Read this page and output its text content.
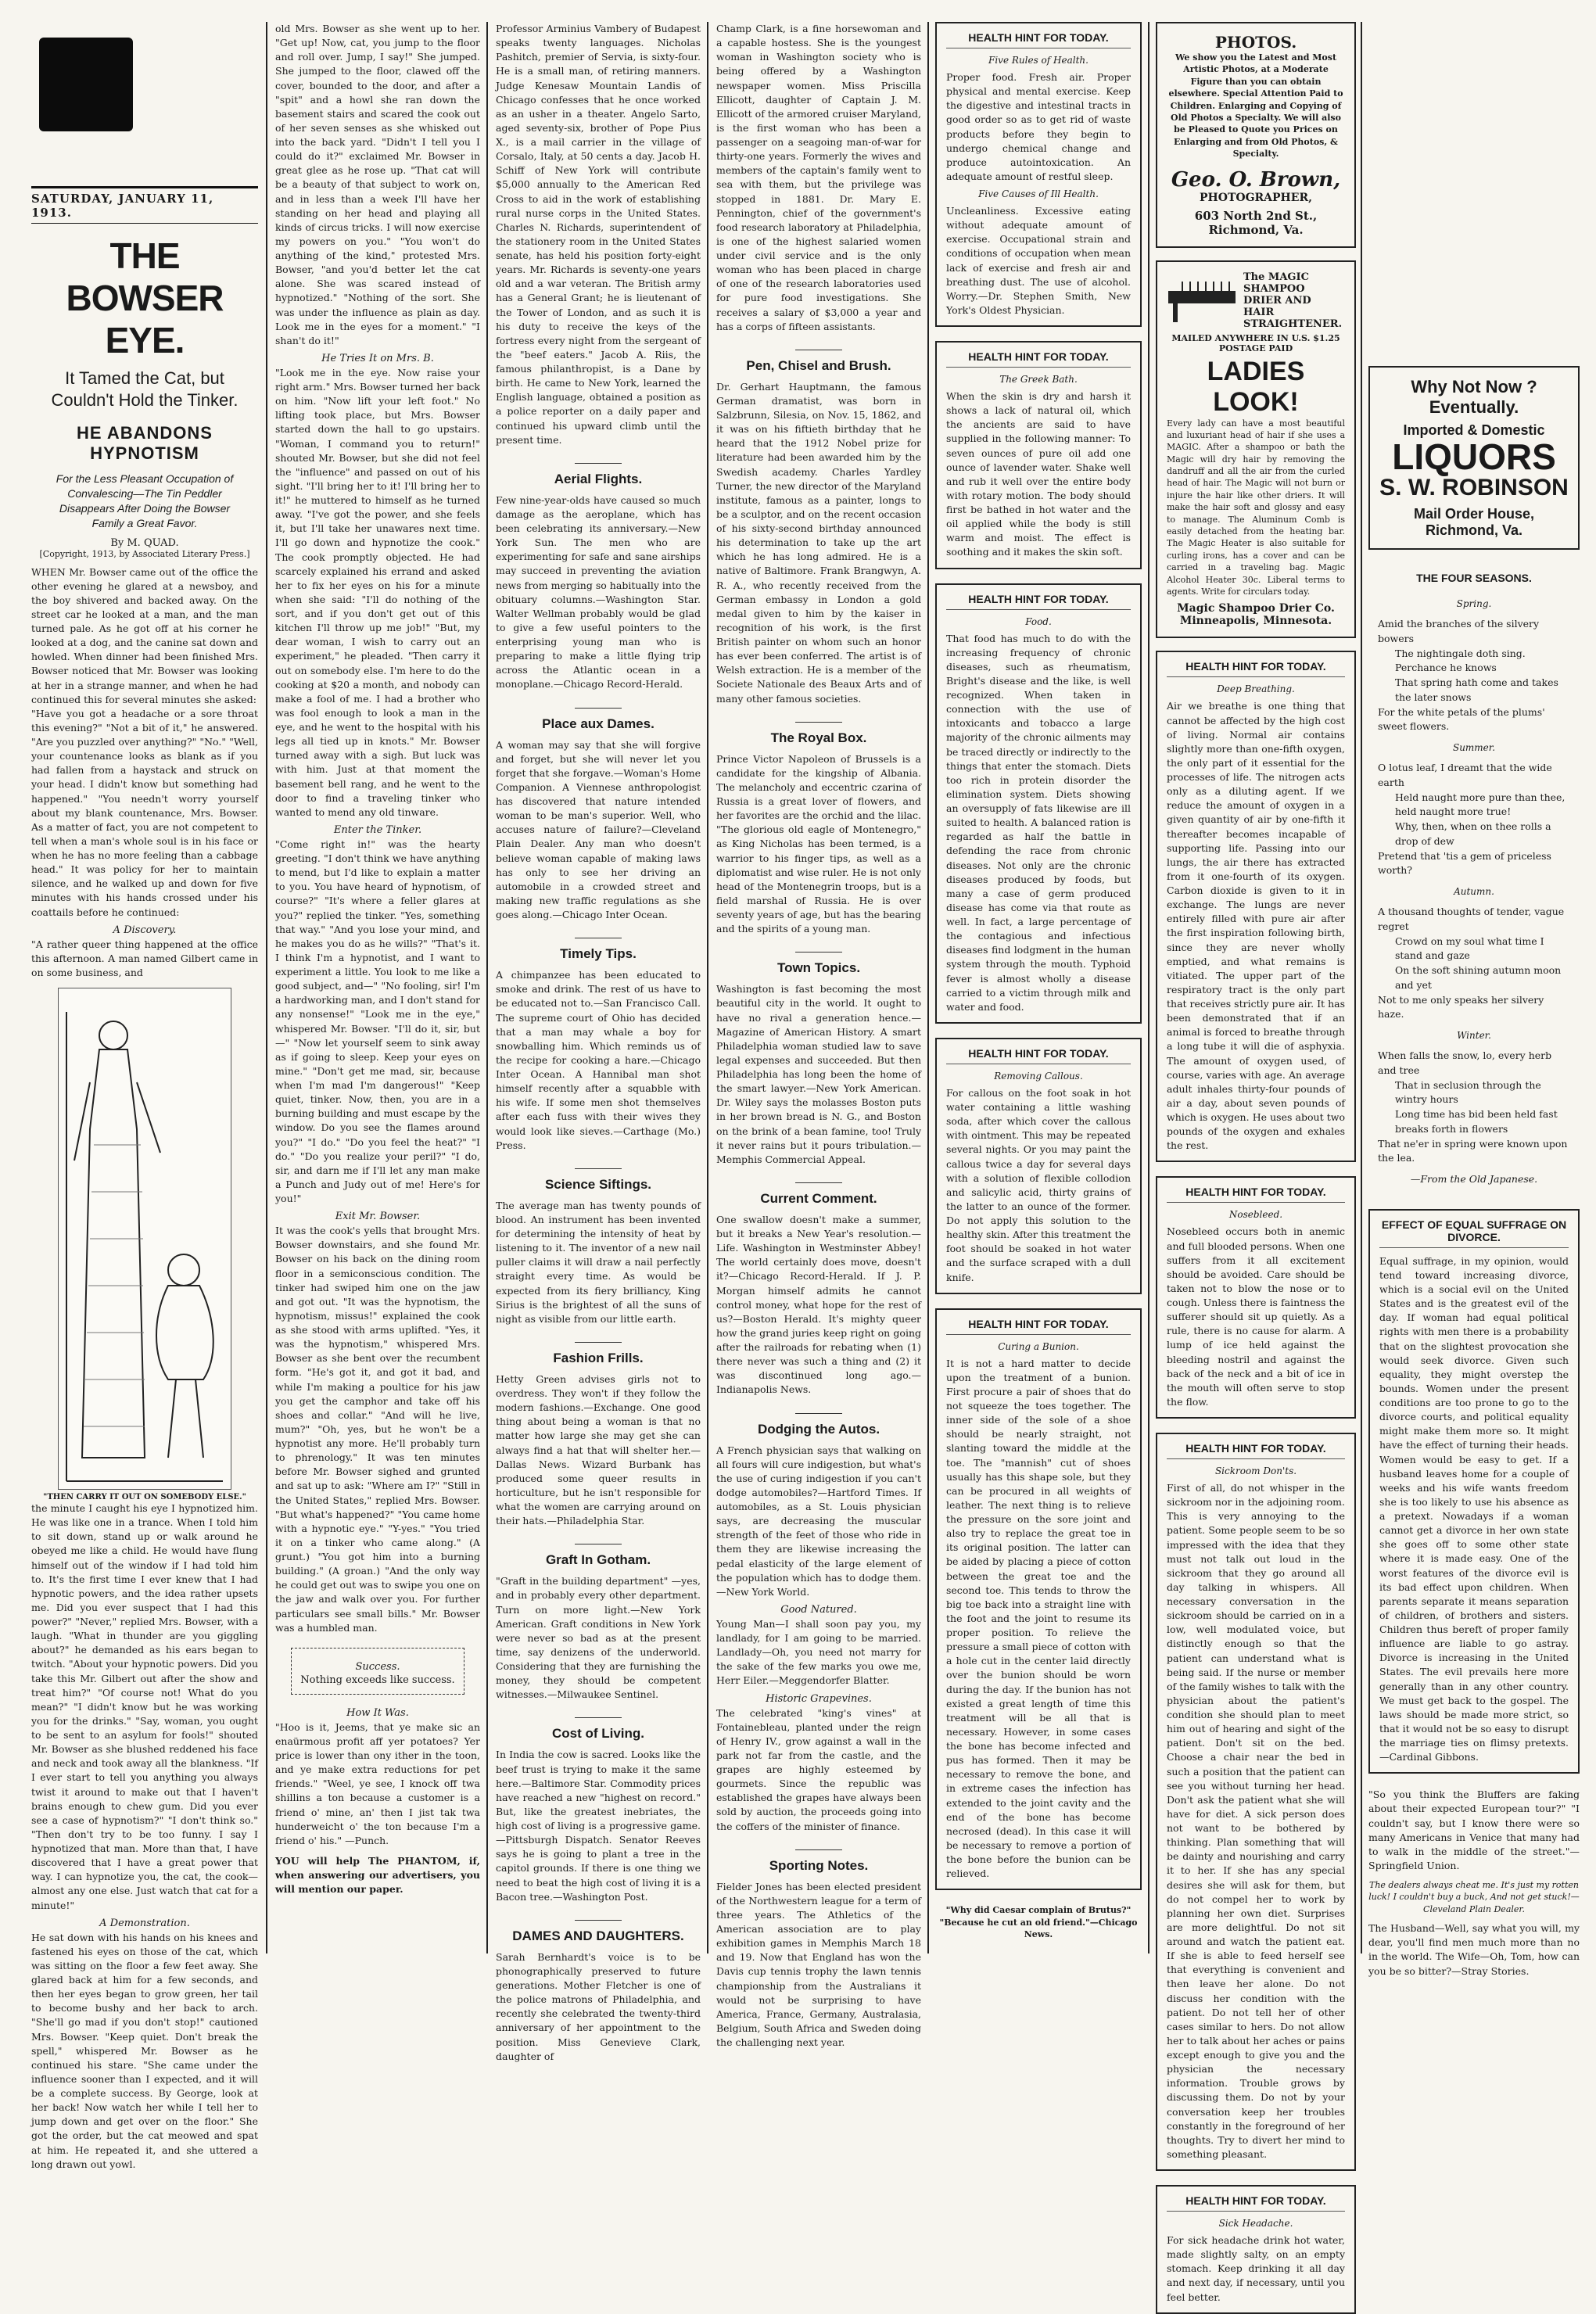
SATURDAY, JANUARY 11, 1913.
THE BOWSER EYE.
It Tamed the Cat, but Couldn't Hold the Tinker.
HE ABANDONS HYPNOTISM
For the Less Pleasant Occupation of Convalescing—The Tin Peddler Disappears After Doing the Bowser Family a Great Favor.
By M. QUAD.
[Copyright, 1913, by Associated Literary Press.]
WHEN Mr. Bowser came out of the office the other evening he glared at a newsboy, and the boy shivered and backed away. On the street car he looked at a man, and the man turned pale. As he got off at his corner he looked at a dog, and the canine sat down and howled. When dinner had been finished Mrs. Bowser noticed that Mr. Bowser was looking at her in a strange manner, and when he had continued this for several minutes she asked:
"Have you got a headache or a sore throat this evening?" "Not a bit of it," he answered. "Are you puzzled over anything?" "No." "Well, your countenance looks as blank as if you had fallen from a haystack and struck on your head. I didn't know but something had happened." "You needn't worry yourself about my blank countenance, Mrs. Bowser. As a matter of fact, you are not competent to tell when a man's whole soul is in his face or when he has no more feeling than a cabbage head." It was policy for her to maintain silence, and he walked up and down for five minutes with his hands crossed under his coattails before he continued:
A Discovery.
"A rather queer thing happened at the office this afternoon. A man named Gilbert came in on some business, and
"THEN CARRY IT OUT ON SOMEBODY ELSE."
the minute I caught his eye I hypnotized him. He was like one in a trance. When I told him to sit down, stand up or walk around he obeyed me like a child. He would have flung himself out of the window if I had told him to. It's the first time I ever knew that I had hypnotic powers, and the idea rather upsets me. Did you ever suspect that I had this power?" "Never," replied Mrs. Bowser, with a laugh. "What in thunder are you giggling about?" he demanded as his ears began to twitch. "About your hypnotic powers. Did you take this Mr. Gilbert out after the show and treat him?" "Of course not! What do you mean?" "I didn't know but he was working you for the drinks." "Say, woman, you ought to be sent to an asylum for fools!" shouted Mr. Bowser as she blushed reddened his face and neck and took away all the blankness. "If I ever start to tell you anything you always twist it around to make out that I haven't brains enough to chew gum. Did you ever see a case of hypnotism?" "I don't think so." "Then don't try to be too funny. I say I hypnotized that man. More than that, I have discovered that I have a great power that way. I can hypnotize you, the cat, the cook—almost any one else. Just watch that cat for a minute!"
A Demonstration.
He sat down with his hands on his knees and fastened his eyes on those of the cat, which was sitting on the floor a few feet away. She glared back at him for a few seconds, and then her eyes began to grow green, her tail to become bushy and her back to arch. "She'll go mad if you don't stop!" cautioned Mrs. Bowser. "Keep quiet. Don't break the spell," whispered Mr. Bowser as he continued his stare. "She came under the influence sooner than I expected, and it will be a complete success. By George, look at her back! Now watch her while I tell her to jump down and get over on the floor." She got the order, but the cat meowed and spat at him. He repeated it, and she uttered a long drawn out yowl.
old Mrs. Bowser as she went up to her. "Get up! Now, cat, you jump to the floor and roll over. Jump, I say!" She jumped. She jumped to the floor, clawed off the cover, bounded to the door, and after a "spit" and a howl she ran down the basement stairs and scared the cook out of her seven senses as she whisked out into the back yard. "Didn't I tell you I could do it?" exclaimed Mr. Bowser in great glee as he rose up. "That cat will be a beauty of that subject to work on, and in less than a week I'll have her standing on her head and playing all kinds of circus tricks. I will now exercise my powers on you." "You won't do anything of the kind," protested Mrs. Bowser, "and you'd better let the cat alone. She was scared instead of hypnotized." "Nothing of the sort. She was under the influence as plain as day. Look me in the eyes for a moment." "I shan't do it!"
He Tries It on Mrs. B.
"Look me in the eye. Now raise your right arm." Mrs. Bowser turned her back on him. "Now lift your left foot." No lifting took place, but Mrs. Bowser started down the hall to go upstairs. "Woman, I command you to return!" shouted Mr. Bowser, but she did not feel the "influence" and passed on out of his sight. "I'll bring her to it! I'll bring her to it!" he muttered to himself as he turned away. "I've got the power, and she feels it, but I'll take her unawares next time. I'll go down and hypnotize the cook." The cook promptly objected. He had scarcely explained his errand and asked her to fix her eyes on his for a minute when she said: "I'll do nothing of the sort, and if you don't get out of this kitchen I'll throw up me job!" "But, my dear woman, I wish to carry out an experiment," he pleaded. "Then carry it out on somebody else. I'm here to do the cooking at $20 a month, and nobody can make a fool of me. I had a brother who was fool enough to look a man in the eye, and he went to the hospital with his legs all tied up in knots." Mr. Bowser turned away with a sigh. But luck was with him. Just at that moment the basement bell rang, and he went to the door to find a traveling tinker who wanted to mend any old tinware.
Enter the Tinker.
"Come right in!" was the hearty greeting. "I don't think we have anything to mend, but I'd like to explain a matter to you. You have heard of hypnotism, of course?" "It's where a feller glares at you?" replied the tinker. "Yes, something that way." "And you lose your mind, and he makes you do as he wills?" "That's it. I think I'm a hypnotist, and I want to experiment a little. You look to me like a good subject, and—" "No fooling, sir! I'm a hardworking man, and I don't stand for any nonsense!" "Look me in the eye," whispered Mr. Bowser. "I'll do it, sir, but—" "Now let yourself seem to sink away as if going to sleep. Keep your eyes on mine." "Don't get me mad, sir, because when I'm mad I'm dangerous!" "Keep quiet, tinker. Now, then, you are in a burning building and must escape by the window. Do you see the flames around you?" "I do." "Do you feel the heat?" "I do." "Do you realize your peril?" "I do, sir, and darn me if I'll let any man make a Punch and Judy out of me! Here's for you!"
Exit Mr. Bowser.
It was the cook's yells that brought Mrs. Bowser downstairs, and she found Mr. Bowser on his back on the dining room floor in a semiconscious condition. The tinker had swiped him one on the jaw and got out. "It was the hypnotism, the hypnotism, missus!" explained the cook as she stood with arms uplifted. "Yes, it was the hypnotism," whispered Mrs. Bowser as she bent over the recumbent form. "He's got it, and got it bad, and while I'm making a poultice for his jaw you get the camphor and take off his shoes and collar." "And will he live, mum?" "Oh, yes, but he won't be a hypnotist any more. He'll probably turn to phrenology." It was ten minutes before Mr. Bowser sighed and grunted and sat up to ask: "Where am I?" "Still in the United States," replied Mrs. Bowser. "But what's happened?" "You came home with a hypnotic eye." "Y-yes." "You tried it on a tinker who came along." (A grunt.) "You got him into a burning building." (A groan.) "And the only way he could get out was to swipe you one on the jaw and walk over you. For further particulars see small bills." Mr. Bowser was a humbled man.
Success.
Nothing exceeds like success.
How It Was.
"Hoo is it, Jeems, that ye make sic an enaürmous profit aff yer potatoes? Yer price is lower than ony ither in the toon, and ye make extra reductions for pet friends." "Weel, ye see, I knock off twa shillins a ton because a customer is a friend o' mine, an' then I jist tak twa hunderweicht o' the ton because I'm a friend o' his." —Punch.
YOU will help The PHANTOM, if, when answering our advertisers, you will mention our paper.
Professor Arminius Vambery of Budapest speaks twenty languages. Nicholas Pashitch, premier of Servia, is sixty-four. He is a small man, of retiring manners. Judge Kenesaw Mountain Landis of Chicago confesses that he once worked as an usher in a theater. Angelo Sarto, aged seventy-six, brother of Pope Pius X., is a mail carrier in the village of Corsalo, Italy, at 50 cents a day. Jacob H. Schiff of New York will contribute $5,000 annually to the American Red Cross to aid in the work of establishing rural nurse corps in the United States. Charles N. Richards, superintendent of the stationery room in the United States senate, has held his position forty-eight years. Mr. Richards is seventy-one years old and a war veteran. The British army has a General Grant; he is lieutenant of the Tower of London, and as such it is his duty to receive the keys of the fortress every night from the sergeant of the "beef eaters." Jacob A. Riis, the famous philanthropist, is a Dane by birth. He came to New York, learned the English language, obtained a position as a police reporter on a daily paper and continued his upward climb until the present time.
Aerial Flights.
Few nine-year-olds have caused so much damage as the aeroplane, which has been celebrating its anniversary.—New York Sun. The men who are experimenting for safe and sane airships may succeed in preventing the aviation news from merging so habitually into the obituary columns.—Washington Star. Walter Wellman probably would be glad to give a few useful pointers to the enterprising young man who is preparing to make a little flying trip across the Atlantic ocean in a monoplane.—Chicago Record-Herald.
Place aux Dames.
A woman may say that she will forgive and forget, but she will never let you forget that she forgave.—Woman's Home Companion. A Viennese anthropologist has discovered that nature intended woman to be man's superior. Well, who accuses nature of failure?—Cleveland Plain Dealer. Any man who doesn't believe woman capable of making laws has only to see her driving an automobile in a crowded street and making new traffic regulations as she goes along.—Chicago Inter Ocean.
Timely Tips.
A chimpanzee has been educated to smoke and drink. The rest of us have to be educated not to.—San Francisco Call. The supreme court of Ohio has decided that a man may whale a boy for snowballing him. Which reminds us of the recipe for cooking a hare.—Chicago Inter Ocean. A Hannibal man shot himself recently after a squabble with his wife. If some men shot themselves after each fuss with their wives they would look like sieves.—Carthage (Mo.) Press.
Science Siftings.
The average man has twenty pounds of blood. An instrument has been invented for determining the intensity of heat by listening to it. The inventor of a new nail puller claims it will draw a nail perfectly straight every time. As would be expected from its fiery brilliancy, King Sirius is the brightest of all the suns of night as visible from our little earth.
Fashion Frills.
Hetty Green advises girls not to overdress. They won't if they follow the modern fashions.—Exchange. One good thing about being a woman is that no matter how large she may get she can always find a hat that will shelter her.—Dallas News. Wizard Burbank has produced some queer results in horticulture, but he isn't responsible for what the women are carrying around on their hats.—Philadelphia Star.
Graft In Gotham.
"Graft in the building department" —yes, and in probably every other department. Turn on more light.—New York American. Graft conditions in New York were never so bad as at the present time, say denizens of the underworld. Considering that they are furnishing the money, they should be competent witnesses.—Milwaukee Sentinel.
Cost of Living.
In India the cow is sacred. Looks like the beef trust is trying to make it the same here.—Baltimore Star. Commodity prices have reached a new "highest on record." But, like the greatest inebriates, the high cost of living is a progressive game.—Pittsburgh Dispatch. Senator Reeves says he is going to plant a tree in the capitol grounds. If there is one thing we need to beat the high cost of living it is a Bacon tree.—Washington Post.
DAMES AND DAUGHTERS.
Sarah Bernhardt's voice is to be phonographically preserved to future generations. Mother Fletcher is one of the police matrons of Philadelphia, and recently she celebrated the twenty-third anniversary of her appointment to the position. Miss Genevieve Clark, daughter of
Champ Clark, is a fine horsewoman and a capable hostess. She is the youngest woman in Washington society who is being offered by a Washington newspaper women. Miss Priscilla Ellicott, daughter of Captain J. M. Ellicott of the armored cruiser Maryland, is the first woman who has been a passenger on a seagoing man-of-war for thirty-one years. Formerly the wives and members of the captain's family went to sea with them, but the privilege was stopped in 1881. Dr. Mary E. Pennington, chief of the government's food research laboratory at Philadelphia, is one of the highest salaried women under civil service and is the only woman who has been placed in charge of one of the research laboratories used for pure food investigations. She receives a salary of $3,000 a year and has a corps of fifteen assistants.
Pen, Chisel and Brush.
Dr. Gerhart Hauptmann, the famous German dramatist, was born in Salzbrunn, Silesia, on Nov. 15, 1862, and it was on his fiftieth birthday that he heard that the 1912 Nobel prize for literature had been awarded him by the Swedish academy. Charles Yardley Turner, the new director of the Maryland institute, famous as a painter, longs to be a sculptor, and on the recent occasion of his sixty-second birthday announced his determination to take up the art which he has long admired. He is a native of Baltimore. Frank Brangwyn, A. R. A., who recently received from the German embassy in London a gold medal given to him by the kaiser in recognition of his work, is the first British painter on whom such an honor has ever been conferred. The artist is of Welsh extraction. He is a member of the Societe Nationale des Beaux Arts and of many other famous societies.
The Royal Box.
Prince Victor Napoleon of Brussels is a candidate for the kingship of Albania. The melancholy and eccentric czarina of Russia is a great lover of flowers, and her favorites are the orchid and the lilac. "The glorious old eagle of Montenegro," as King Nicholas has been termed, is a warrior to his finger tips, as well as a diplomatist and wise ruler. He is not only head of the Montenegrin troops, but is a field marshal of Russia. He is over seventy years of age, but has the bearing and the spirits of a young man.
Town Topics.
Washington is fast becoming the most beautiful city in the world. It ought to have no rival a generation hence.—Magazine of American History. A smart Philadelphia woman studied law to save legal expenses and succeeded. But then Philadelphia has long been the home of the smart lawyer.—New York American. Dr. Wiley says the molasses Boston puts in her brown bread is N. G., and Boston on the brink of a bean famine, too! Truly it never rains but it pours tribulation.—Memphis Commercial Appeal.
Current Comment.
One swallow doesn't make a summer, but it breaks a New Year's resolution.—Life. Washington in Westminster Abbey! The world certainly does move, doesn't it?—Chicago Record-Herald. If J. P. Morgan himself admits he cannot control money, what hope for the rest of us?—Boston Herald. It's mighty queer how the grand juries keep right on going after the railroads for rebating when (1) there never was such a thing and (2) it was discontinued long ago.—Indianapolis News.
Dodging the Autos.
A French physician says that walking on all fours will cure indigestion, but what's the use of curing indigestion if you can't dodge automobiles?—Hartford Times. If automobiles, as a St. Louis physician says, are decreasing the muscular strength of the feet of those who ride in them they are likewise increasing the pedal elasticity of the large element of the population which has to dodge them.—New York World.
Good Natured.
Young Man—I shall soon pay you, my landlady, for I am going to be married. Landlady—Oh, you need not marry for the sake of the few marks you owe me, Herr Eiler.—Meggendorfer Blatter.
Historic Grapevines.
The celebrated "king's vines" at Fontainebleau, planted under the reign of Henry IV., grow against a wall in the park not far from the castle, and the grapes are highly esteemed by gourmets. Since the republic was established the grapes have always been sold by auction, the proceeds going into the coffers of the minister of finance.
Sporting Notes.
Fielder Jones has been elected president of the Northwestern league for a term of three years. The Athletics of the American association are to play exhibition games in Memphis March 18 and 19. Now that England has won the Davis cup tennis trophy the lawn tennis championship from the Australians it would not be surprising to have America, France, Germany, Australasia, Belgium, South Africa and Sweden doing the challenging next year.
HEALTH HINT FOR TODAY.
Five Rules of Health.
Proper food. Fresh air. Proper physical and mental exercise. Keep the digestive and intestinal tracts in good order so as to get rid of waste products before they begin to undergo chemical change and produce autointoxication. An adequate amount of restful sleep.
Five Causes of Ill Health.
Uncleanliness. Excessive eating without adequate amount of exercise. Occupational strain and conditions of occupation when mean lack of exercise and fresh air and breathing dust. The use of alcohol. Worry.—Dr. Stephen Smith, New York's Oldest Physician.
HEALTH HINT FOR TODAY.
The Greek Bath.
When the skin is dry and harsh it shows a lack of natural oil, which the ancients are said to have supplied in the following manner: To seven ounces of pure oil add one ounce of lavender water. Shake well and rub it well over the entire body with rotary motion. The body should first be bathed in hot water and the oil applied while the body is still warm and moist. The effect is soothing and it makes the skin soft.
HEALTH HINT FOR TODAY.
Food.
That food has much to do with the increasing frequency of chronic diseases, such as rheumatism, Bright's disease and the like, is well recognized. When taken in connection with the use of intoxicants and tobacco a large majority of the chronic ailments may be traced directly or indirectly to the things that enter the stomach. Diets too rich in protein disorder the elimination system. Diets showing an oversupply of fats likewise are ill suited to health. A balanced ration is regarded as half the battle in defending the race from chronic diseases. Not only are the chronic diseases produced by foods, but many a case of germ produced disease has come via that route as well. In fact, a large percentage of the contagious and infectious diseases find lodgment in the human system through the mouth. Typhoid fever is almost wholly a disease carried to a victim through milk and water and food.
HEALTH HINT FOR TODAY.
Removing Callous.
For callous on the foot soak in hot water containing a little washing soda, after which cover the callous with ointment. This may be repeated several nights. Or you may paint the callous twice a day for several days with a solution of flexible collodion and salicylic acid, thirty grains of the latter to an ounce of the former. Do not apply this solution to the healthy skin. After this treatment the foot should be soaked in hot water and the surface scraped with a dull knife.
HEALTH HINT FOR TODAY.
Curing a Bunion.
It is not a hard matter to decide upon the treatment of a bunion. First procure a pair of shoes that do not squeeze the toes together. The inner side of the sole of a shoe should be nearly straight, not slanting toward the middle at the toe. The "mannish" cut of shoes usually has this shape sole, but they can be procured in all weights of leather. The next thing is to relieve the pressure on the sore joint and also try to replace the great toe in its original position. The latter can be aided by placing a piece of cotton between the great toe and the second toe. This tends to throw the big toe back into a straight line with the foot and the joint to resume its proper position. To relieve the pressure a small piece of cotton with a hole cut in the center laid directly over the bunion should be worn during the day. If the bunion has not existed a great length of time this treatment will be all that is necessary. However, in some cases the bone has become infected and pus has formed. Then it may be necessary to remove the bone, and in extreme cases the infection has extended to the joint cavity and the end of the bone has become necrosed (dead). In this case it will be necessary to remove a portion of the bone before the bunion can be relieved.
"Why did Caesar complain of Brutus?" "Because he cut an old friend."—Chicago News.
PHOTOS.
We show you the Latest and Most Artistic Photos, at a Moderate Figure than you can obtain elsewhere. Special Attention Paid to Children. Enlarging and Copying of Old Photos a Specialty. We will also be Pleased to Quote you Prices on Enlarging and from Old Photos, & Specialty.
Geo. O. Brown,
PHOTOGRAPHER,
603 North 2nd St.,
Richmond, Va.
The MAGIC SHAMPOO DRIER AND HAIR STRAIGHTENER.
MAILED ANYWHERE IN U.S. $1.25 POSTAGE PAID
LADIES LOOK!
Every lady can have a most beautiful and luxuriant head of hair if she uses a MAGIC. After a shampoo or bath the Magic will dry hair by removing the dandruff and all the air from the curled head of hair. The Magic will not burn or injure the hair like other driers. It will make the hair soft and glossy and easy to manage. The Aluminum Comb is easily detached from the heating bar. The Magic Heater is also suitable for curling irons, has a cover and can be carried in a traveling bag. Magic Alcohol Heater 30c. Liberal terms to agents. Write for circulars today.
Magic Shampoo Drier Co.
Minneapolis, Minnesota.
HEALTH HINT FOR TODAY.
Deep Breathing.
Air we breathe is one thing that cannot be affected by the high cost of living. Normal air contains slightly more than one-fifth oxygen, the only part of it essential for the processes of life. The nitrogen acts only as a diluting agent. If we reduce the amount of oxygen in a given quantity of air by one-fifth it thereafter becomes incapable of supporting life. Passing into our lungs, the air there has extracted from it one-fourth of its oxygen. Carbon dioxide is given to it in exchange. The lungs are never entirely filled with pure air after the first inspiration following birth, since they are never wholly emptied, and what remains is vitiated. The upper part of the respiratory tract is the only part that receives strictly pure air. It has been demonstrated that if an animal is forced to breathe through a long tube it will die of asphyxia. The amount of oxygen used, of course, varies with age. An average adult inhales thirty-four pounds of air a day, about seven pounds of which is oxygen. He uses about two pounds of the oxygen and exhales the rest.
HEALTH HINT FOR TODAY.
Nosebleed.
Nosebleed occurs both in anemic and full blooded persons. When one suffers from it all excitement should be avoided. Care should be taken not to blow the nose or to cough. Unless there is faintness the sufferer should sit up quietly. As a rule, there is no cause for alarm. A lump of ice held against the bleeding nostril and against the back of the neck and a bit of ice in the mouth will often serve to stop the flow.
HEALTH HINT FOR TODAY.
Sickroom Don'ts.
First of all, do not whisper in the sickroom nor in the adjoining room. This is very annoying to the patient. Some people seem to be so impressed with the idea that they must not talk out loud in the sickroom that they go around all day talking in whispers. All necessary conversation in the sickroom should be carried on in a low, well modulated voice, but distinctly enough so that the patient can understand what is being said. If the nurse or member of the family wishes to talk with the physician about the patient's condition she should plan to meet him out of hearing and sight of the patient. Don't sit on the bed. Choose a chair near the bed in such a position that the patient can see you without turning her head. Don't ask the patient what she will have for diet. A sick person does not want to be bothered by thinking. Plan something that will be dainty and nourishing and carry it to her. If she has any special desires she will ask for them, but do not compel her to work by planning her own diet. Surprises are more delightful. Do not sit around and watch the patient eat. If she is able to feed herself see that everything is convenient and then leave her alone. Do not discuss her condition with the patient. Do not tell her of other cases similar to hers. Do not allow her to talk about her aches or pains except enough to give you and the physician the necessary information. Trouble grows by discussing them. Do not by your conversation keep her troubles constantly in the foreground of her thoughts. Try to divert her mind to something pleasant.
HEALTH HINT FOR TODAY.
Sick Headache.
For sick headache drink hot water, made slightly salty, on an empty stomach. Keep drinking it all day and next day, if necessary, until you feel better.
Why Not Now ?
Eventually.
Imported & Domestic
LIQUORS
S. W. ROBINSON
Mail Order House,
Richmond, Va.
THE FOUR SEASONS.
Spring.
Amid the branches of the silvery bowers
The nightingale doth sing. Perchance he knows
That spring hath come and takes the later snows
For the white petals of the plums' sweet flowers.
Summer.
O lotus leaf, I dreamt that the wide earth
Held naught more pure than thee, held naught more true!
Why, then, when on thee rolls a drop of dew
Pretend that 'tis a gem of priceless worth?
Autumn.
A thousand thoughts of tender, vague regret
Crowd on my soul what time I stand and gaze
On the soft shining autumn moon and yet
Not to me only speaks her silvery haze.
Winter.
When falls the snow, lo, every herb and tree
That in seclusion through the wintry hours
Long time has bid been held fast breaks forth in flowers
That ne'er in spring were known upon the lea.
—From the Old Japanese.
EFFECT OF EQUAL SUFFRAGE ON DIVORCE.
Equal suffrage, in my opinion, would tend toward increasing divorce, which is a social evil on the United States and is the greatest evil of the day. If woman had equal political rights with men there is a probability that on the slightest provocation she would seek divorce. Given such equality, they might overstep the bounds. Women under the present conditions are too prone to go to the divorce courts, and political equality might make them more so. It might have the effect of turning their heads. Women would be easy to get. If a husband leaves home for a couple of weeks and his wife wants freedom she is too likely to use his absence as a pretext. Nowadays if a woman cannot get a divorce in her own state she goes off to some other state where it is made easy. One of the worst features of the divorce evil is its bad effect upon children. When parents separate it means separation of children, of brothers and sisters. Children thus bereft of proper family influence are liable to go astray. Divorce is increasing in the United States. The evil prevails here more generally than in any other country. We must get back to the gospel. The laws should be made more strict, so that it would not be so easy to disrupt the marriage ties on flimsy pretexts.—Cardinal Gibbons.
"So you think the Bluffers are faking about their expected European tour?" "I couldn't say, but I know there were so many Americans in Venice that many had to walk in the middle of the street."—Springfield Union.
The dealers always cheat me. It's just my rotten luck! I couldn't buy a buck, And not get stuck!—Cleveland Plain Dealer.
The Husband—Well, say what you will, my dear, you'll find men much more than no in the world. The Wife—Oh, Tom, how can you be so bitter?—Stray Stories.
